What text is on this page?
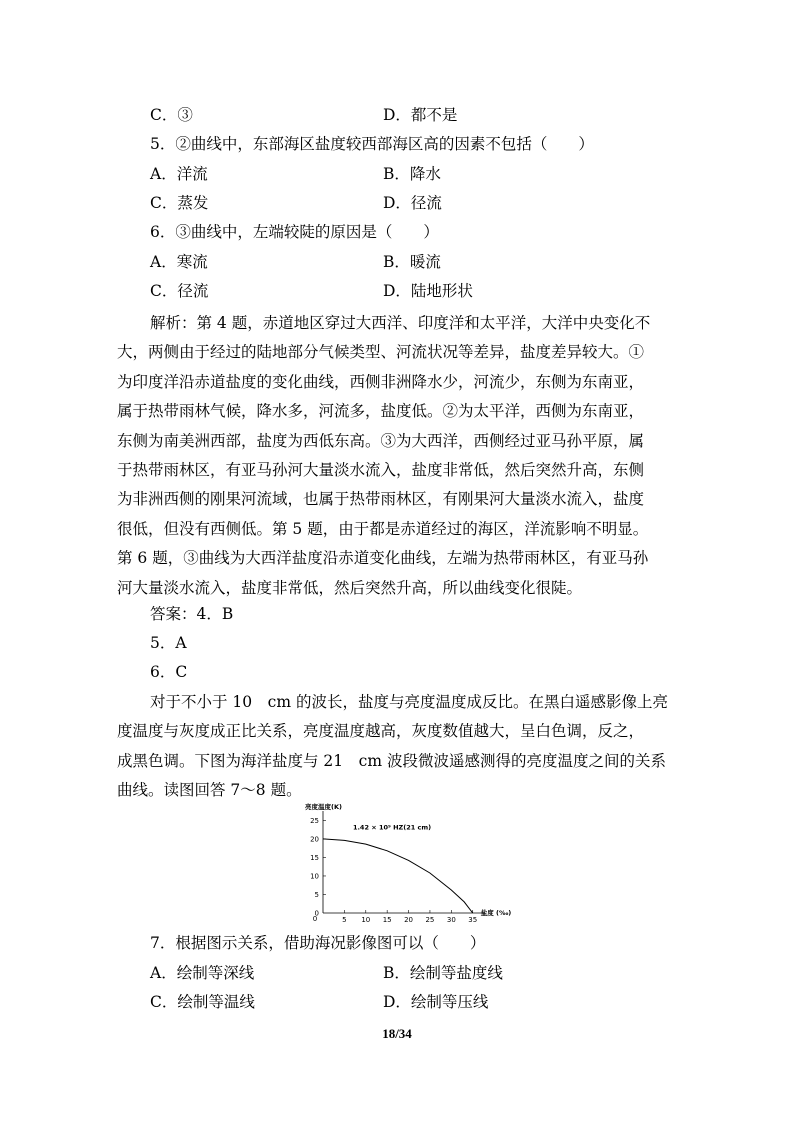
C．③	D．都不是
5．②曲线中，东部海区盐度较西部海区高的因素不包括（　　）
A．洋流	B．降水
C．蒸发	D．径流
6．③曲线中，左端较陡的原因是（　　）
A．寒流	B．暖流
C．径流	D．陆地形状
解析：第 4 题，赤道地区穿过大西洋、印度洋和太平洋，大洋中央变化不
大，两侧由于经过的陆地部分气候类型、河流状况等差异，盐度差异较大。①
为印度洋沿赤道盐度的变化曲线，西侧非洲降水少，河流少，东侧为东南亚，
属于热带雨林气候，降水多，河流多，盐度低。②为太平洋，西侧为东南亚，
东侧为南美洲西部，盐度为西低东高。③为大西洋，西侧经过亚马孙平原，属
于热带雨林区，有亚马孙河大量淡水流入，盐度非常低，然后突然升高，东侧
为非洲西侧的刚果河流域，也属于热带雨林区，有刚果河大量淡水流入，盐度
很低，但没有西侧低。第 5 题，由于都是赤道经过的海区，洋流影响不明显。
第 6 题，③曲线为大西洋盐度沿赤道变化曲线，左端为热带雨林区，有亚马孙
河大量淡水流入，盐度非常低，然后突然升高，所以曲线变化很陡。
答案：4．B
5．A
6．C
对于不小于 10　cm 的波长，盐度与亮度温度成反比。在黑白遥感影像上亮
度温度与灰度成正比关系，亮度温度越高，灰度数值越大，呈白色调，反之，
成黑色调。下图为海洋盐度与 21　cm 波段微波遥感测得的亮度温度之间的关系
曲线。读图回答 7～8 题。
0
5
10
15
20
25
5 10 15 20 25 30 35
0
亮度温度(K)
盐度 (‰)
1.42 × 10⁹ HZ(21 cm)
7．根据图示关系，借助海况影像图可以（　　）
A．绘制等深线	B．绘制等盐度线
C．绘制等温线	D．绘制等压线
18/34
